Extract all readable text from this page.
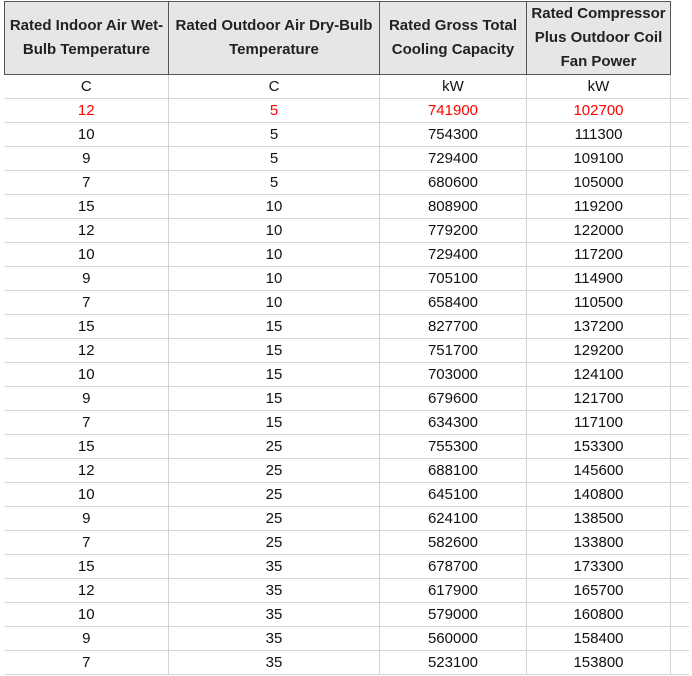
Rated Indoor Air Wet-Bulb Temperature	Rated Outdoor Air Dry-Bulb Temperature	Rated Gross Total Cooling Capacity	Rated Compressor Plus Outdoor Coil Fan Power	
C	C	kW	kW	
12	5	741900	102700	
10	5	754300	111300	
9	5	729400	109100	
7	5	680600	105000	
15	10	808900	119200	
12	10	779200	122000	
10	10	729400	117200	
9	10	705100	114900	
7	10	658400	110500	
15	15	827700	137200	
12	15	751700	129200	
10	15	703000	124100	
9	15	679600	121700	
7	15	634300	117100	
15	25	755300	153300	
12	25	688100	145600	
10	25	645100	140800	
9	25	624100	138500	
7	25	582600	133800	
15	35	678700	173300	
12	35	617900	165700	
10	35	579000	160800	
9	35	560000	158400	
7	35	523100	153800	
